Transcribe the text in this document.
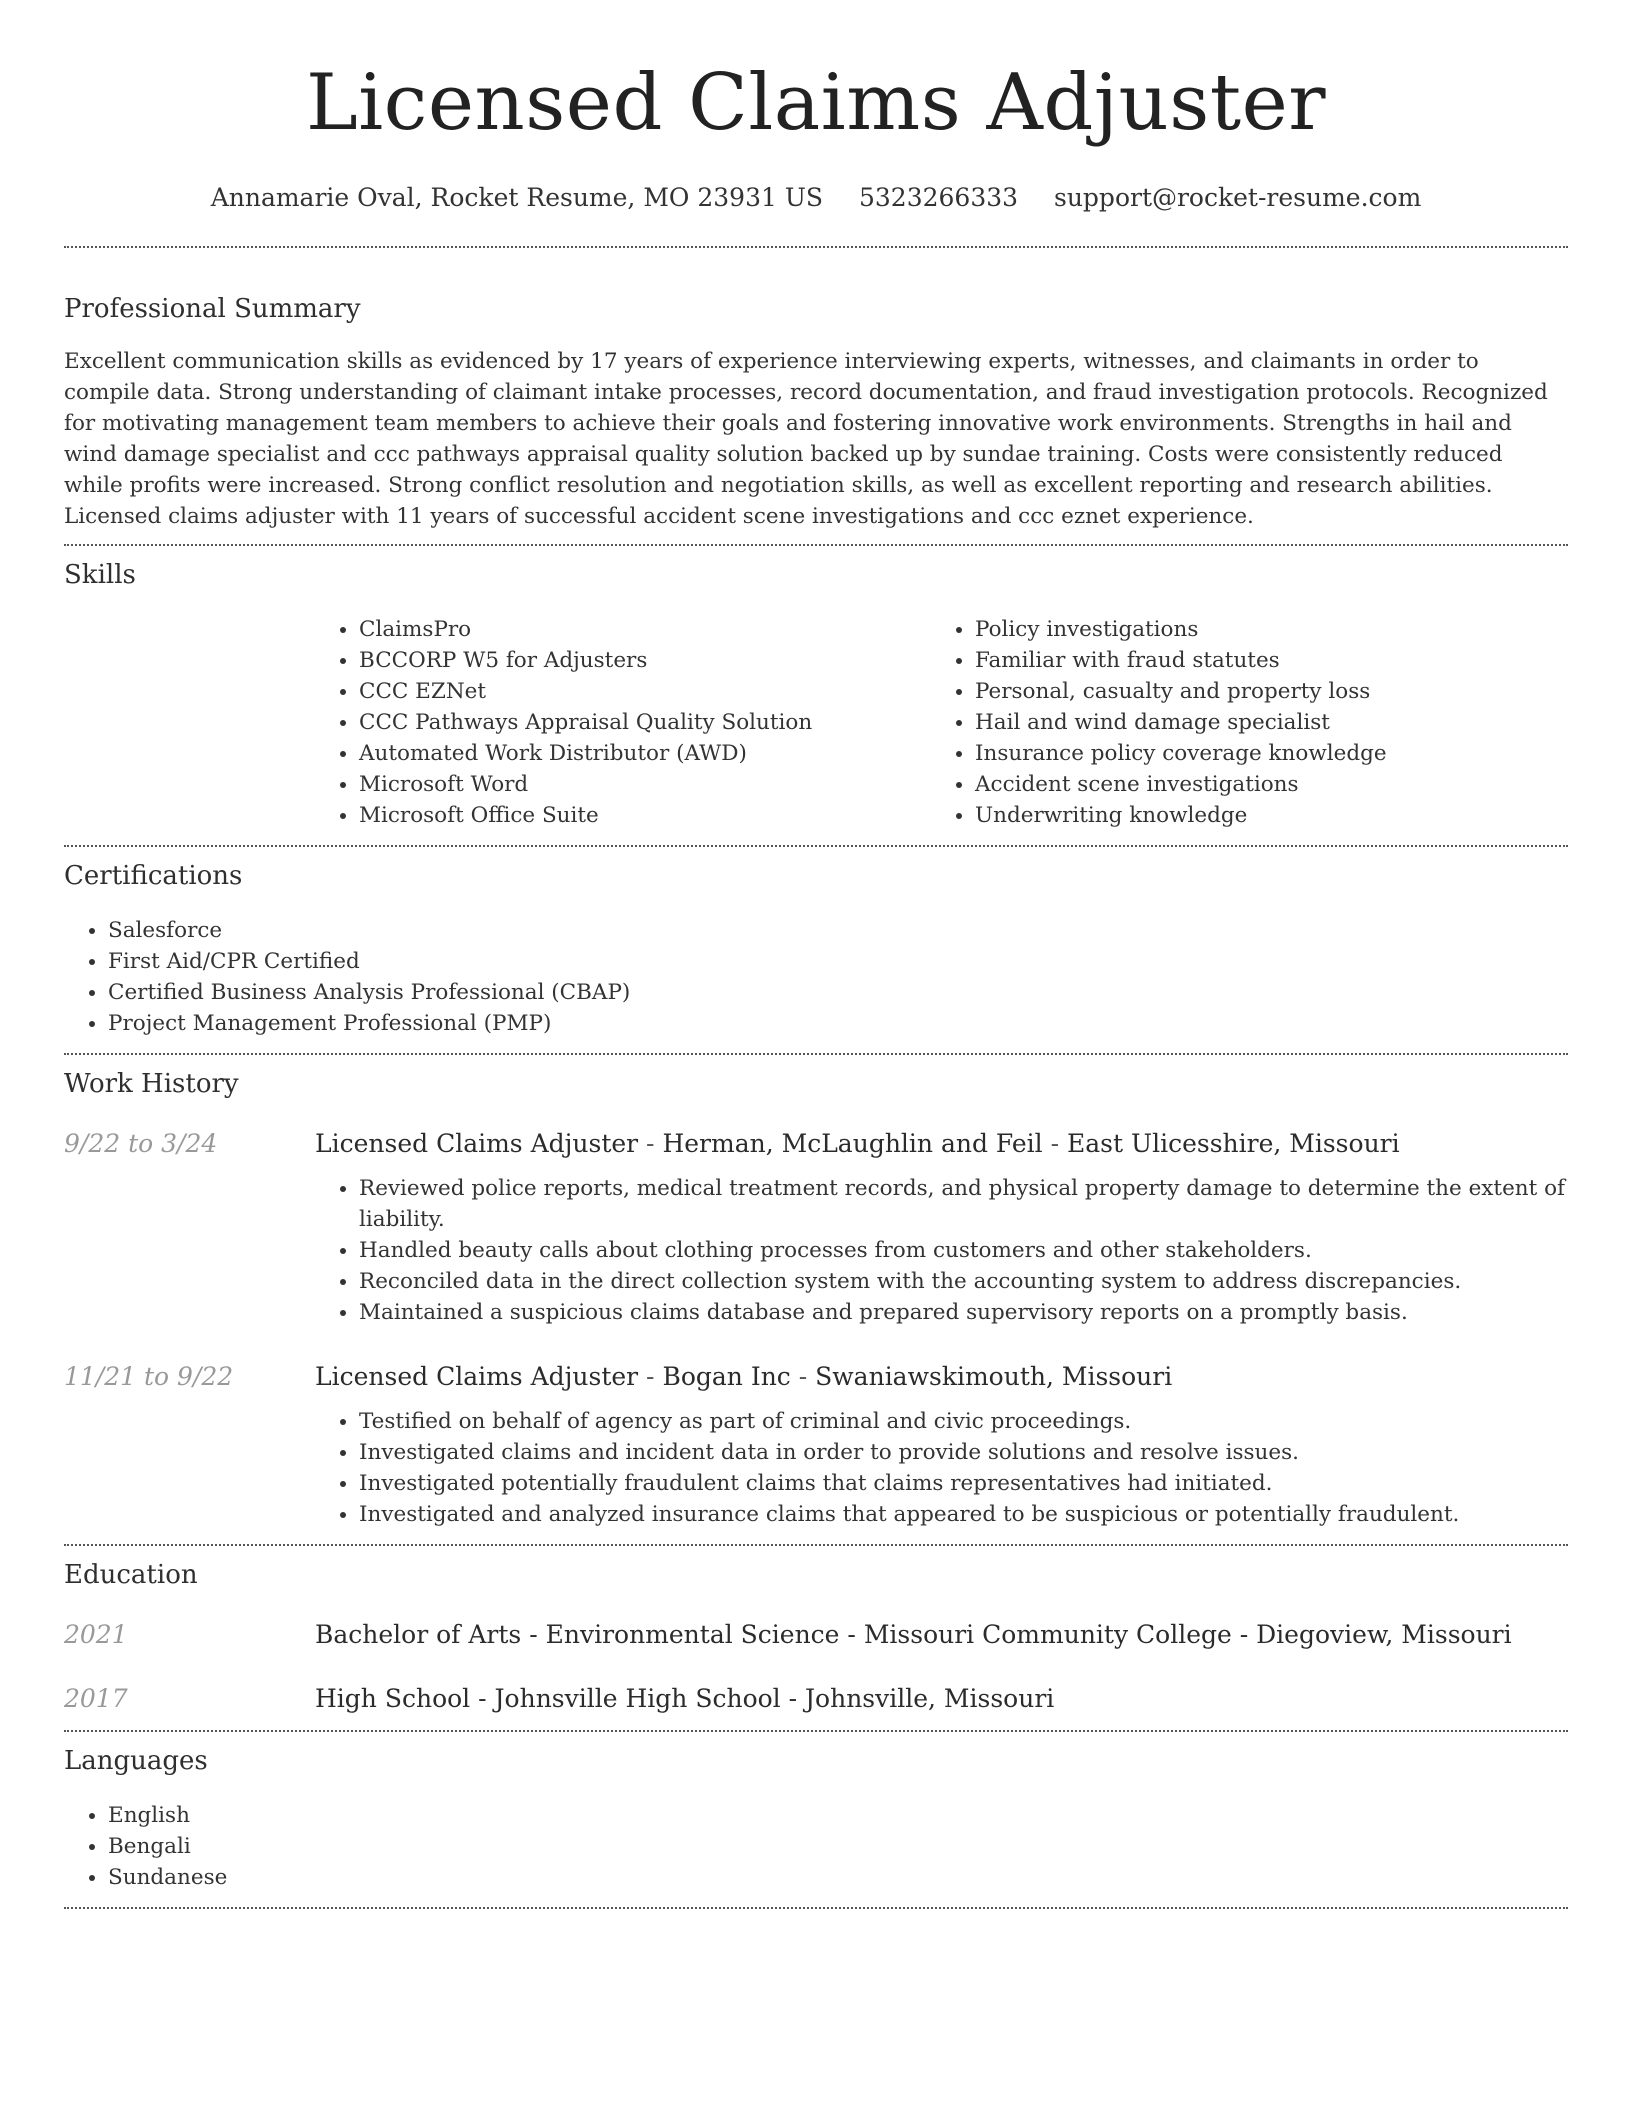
Licensed Claims Adjuster
Annamarie Oval, Rocket Resume, MO 23931 US 5323266333 support@rocket-resume.com
Professional Summary

Excellent communication skills as evidenced by 17 years of experience interviewing experts, witnesses, and claimants in order to compile data. Strong understanding of claimant intake processes, record documentation, and fraud investigation protocols. Recognized for motivating management team members to achieve their goals and fostering innovative work environments. Strengths in hail and wind damage specialist and ccc pathways appraisal quality solution backed up by sundae training. Costs were consistently reduced while profits were increased. Strong conflict resolution and negotiation skills, as well as excellent reporting and research abilities. Licensed claims adjuster with 11 years of successful accident scene investigations and ccc eznet experience.

Skills
• ClaimsPro
• BCCORP W5 for Adjusters
• CCC EZNet
• CCC Pathways Appraisal Quality Solution
• Automated Work Distributor (AWD)
• Microsoft Word
• Microsoft Office Suite
• Policy investigations
• Familiar with fraud statutes
• Personal, casualty and property loss
• Hail and wind damage specialist
• Insurance policy coverage knowledge
• Accident scene investigations
• Underwriting knowledge
Certifications
• Salesforce
• First Aid/CPR Certified
• Certified Business Analysis Professional (CBAP)
• Project Management Professional (PMP)
Work History
9/22 to 3/24	Licensed Claims Adjuster - Herman, McLaughlin and Feil - East Ulicesshire, Missouri
• Reviewed police reports, medical treatment records, and physical property damage to determine the extent of liability.
• Handled beauty calls about clothing processes from customers and other stakeholders.
• Reconciled data in the direct collection system with the accounting system to address discrepancies.
• Maintained a suspicious claims database and prepared supervisory reports on a promptly basis.
11/21 to 9/22	Licensed Claims Adjuster - Bogan Inc - Swaniawskimouth, Missouri
• Testified on behalf of agency as part of criminal and civic proceedings.
• Investigated claims and incident data in order to provide solutions and resolve issues.
• Investigated potentially fraudulent claims that claims representatives had initiated.
• Investigated and analyzed insurance claims that appeared to be suspicious or potentially fraudulent.
Education
2021	Bachelor of Arts - Environmental Science - Missouri Community College - Diegoview, Missouri
2017	High School - Johnsville High School - Johnsville, Missouri
Languages
• English
• Bengali
• Sundanese
